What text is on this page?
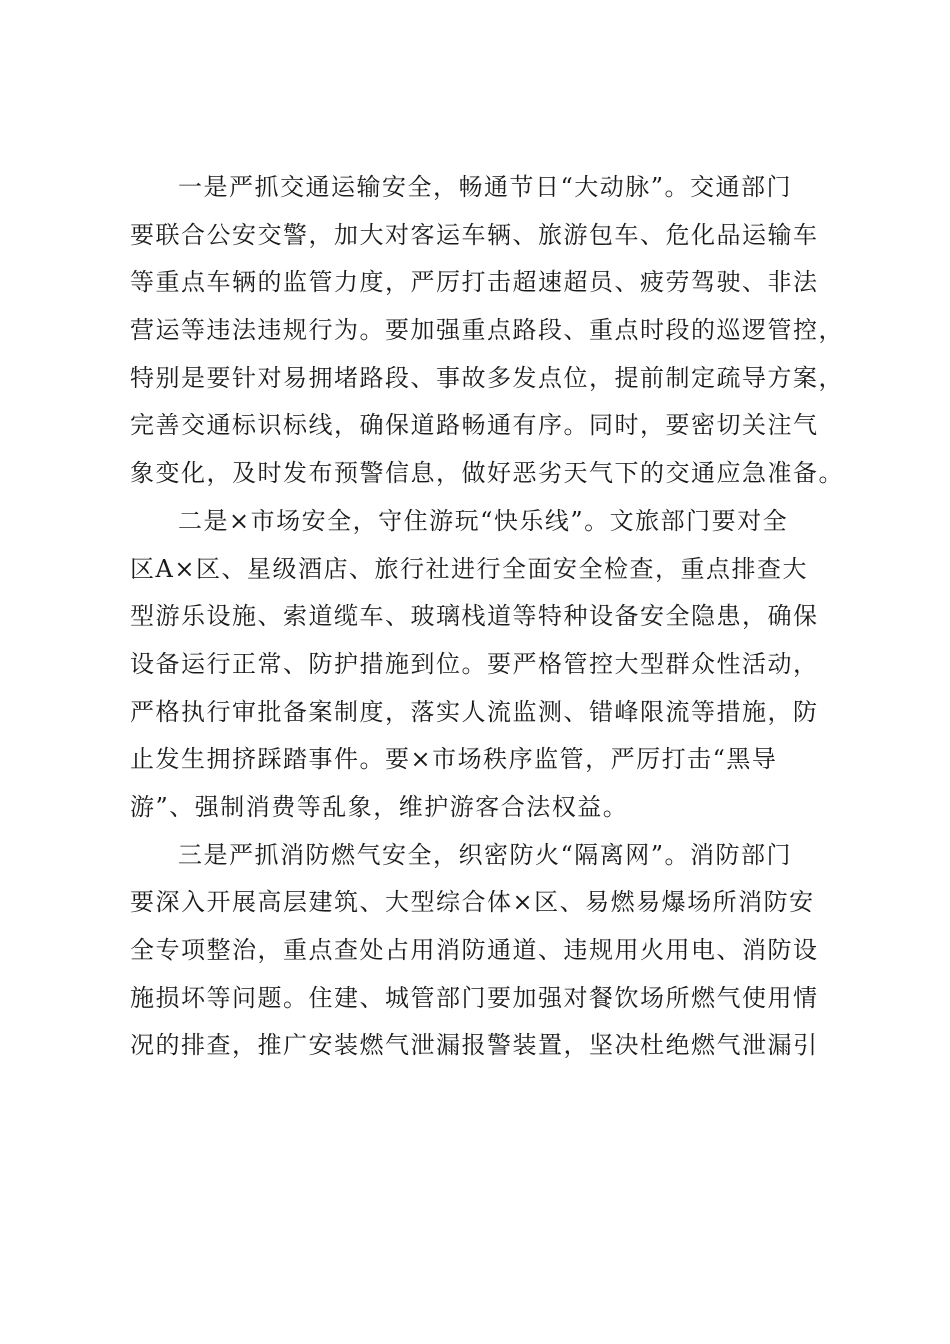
一是严抓交通运输安全，畅通节日“大动脉”。交通部门
要联合公安交警，加大对客运车辆、旅游包车、危化品运输车
等重点车辆的监管力度，严厉打击超速超员、疲劳驾驶、非法
营运等违法违规行为。要加强重点路段、重点时段的巡逻管控，
特别是要针对易拥堵路段、事故多发点位，提前制定疏导方案，
完善交通标识标线，确保道路畅通有序。同时，要密切关注气
象变化，及时发布预警信息，做好恶劣天气下的交通应急准备。
二是×市场安全，守住游玩“快乐线”。文旅部门要对全
区A×区、星级酒店、旅行社进行全面安全检查，重点排查大
型游乐设施、索道缆车、玻璃栈道等特种设备安全隐患，确保
设备运行正常、防护措施到位。要严格管控大型群众性活动，
严格执行审批备案制度，落实人流监测、错峰限流等措施，防
止发生拥挤踩踏事件。要×市场秩序监管，严厉打击“黑导
游”、强制消费等乱象，维护游客合法权益。
三是严抓消防燃气安全，织密防火“隔离网”。消防部门
要深入开展高层建筑、大型综合体×区、易燃易爆场所消防安
全专项整治，重点查处占用消防通道、违规用火用电、消防设
施损坏等问题。住建、城管部门要加强对餐饮场所燃气使用情
况的排查，推广安装燃气泄漏报警装置，坚决杜绝燃气泄漏引
